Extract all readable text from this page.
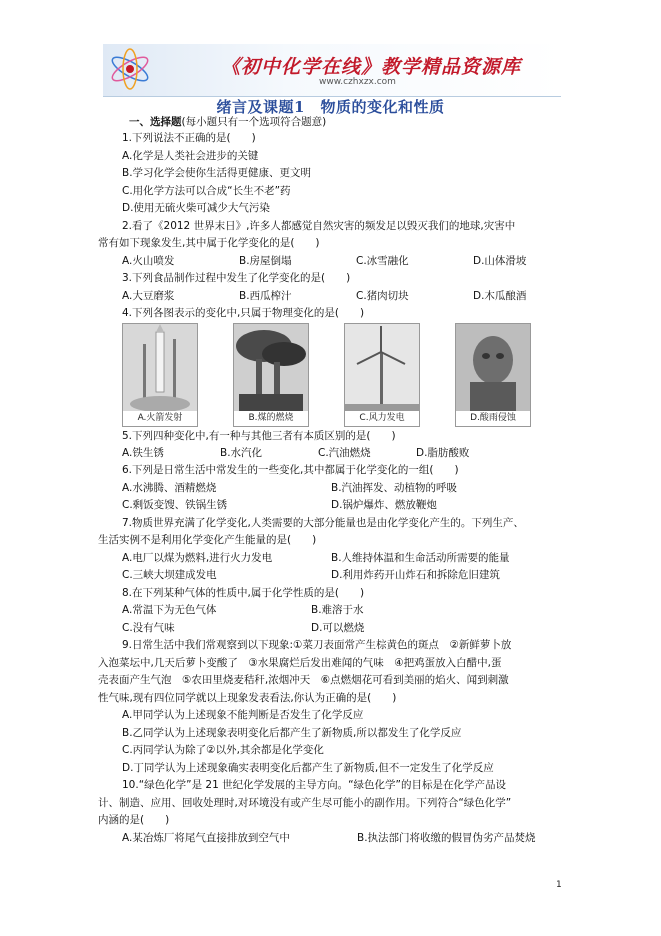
《初中化学在线》教学精品资源库
www.czhxzx.com
绪言及课题1　物质的变化和性质
一、选择题(每小题只有一个选项符合题意)
1.下列说法不正确的是(　　)
A.化学是人类社会进步的关键
B.学习化学会使你生活得更健康、更文明
C.用化学方法可以合成“长生不老”药
D.使用无硫火柴可减少大气污染
2.看了《2012 世界末日》,许多人都感觉自然灾害的频发足以毁灭我们的地球,灾害中
常有如下现象发生,其中属于化学变化的是(　　)
A.火山喷发	B.房屋倒塌	C.冰雪融化	D.山体滑坡
3.下列食品制作过程中发生了化学变化的是(　　)
A.大豆磨浆	B.西瓜榨汁	C.猪肉切块	D.木瓜酿酒
4.下列各图表示的变化中,只属于物理变化的是(　　)
A.火箭发射	B.煤的燃烧	C.风力发电	D.酸雨侵蚀
5.下列四种变化中,有一种与其他三者有本质区别的是(　　)
A.铁生锈	B.水汽化	C.汽油燃烧	D.脂肪酸败
6.下列是日常生活中常发生的一些变化,其中都属于化学变化的一组(　　)
A.水沸腾、酒精燃烧	B.汽油挥发、动植物的呼吸
C.剩饭变馊、铁锅生锈	D.锅炉爆炸、燃放鞭炮
7.物质世界充满了化学变化,人类需要的大部分能量也是由化学变化产生的。下列生产、
生活实例不是利用化学变化产生能量的是(　　)
A.电厂以煤为燃料,进行火力发电	B.人维持体温和生命活动所需要的能量
C.三峡大坝建成发电	D.利用炸药开山炸石和拆除危旧建筑
8.在下列某种气体的性质中,属于化学性质的是(　　)
A.常温下为无色气体	B.难溶于水
C.没有气味	D.可以燃烧
9.日常生活中我们常观察到以下现象:①菜刀表面常产生棕黄色的斑点　②新鲜萝卜放
入泡菜坛中,几天后萝卜变酸了　③水果腐烂后发出难闻的气味　④把鸡蛋放入白醋中,蛋
壳表面产生气泡　⑤农田里烧麦秸秆,浓烟冲天　⑥点燃烟花可看到美丽的焰火、闻到刺激
性气味,现有四位同学就以上现象发表看法,你认为正确的是(　　)
A.甲同学认为上述现象不能判断是否发生了化学反应
B.乙同学认为上述现象表明变化后都产生了新物质,所以都发生了化学反应
C.丙同学认为除了②以外,其余都是化学变化
D.丁同学认为上述现象确实表明变化后都产生了新物质,但不一定发生了化学反应
10.“绿色化学”是 21 世纪化学发展的主导方向。“绿色化学”的目标是在化学产品设
计、制造、应用、回收处理时,对环境没有或产生尽可能小的副作用。下列符合“绿色化学”
内涵的是(　　)
A.某冶炼厂将尾气直接排放到空气中	B.执法部门将收缴的假冒伪劣产品焚烧
1
